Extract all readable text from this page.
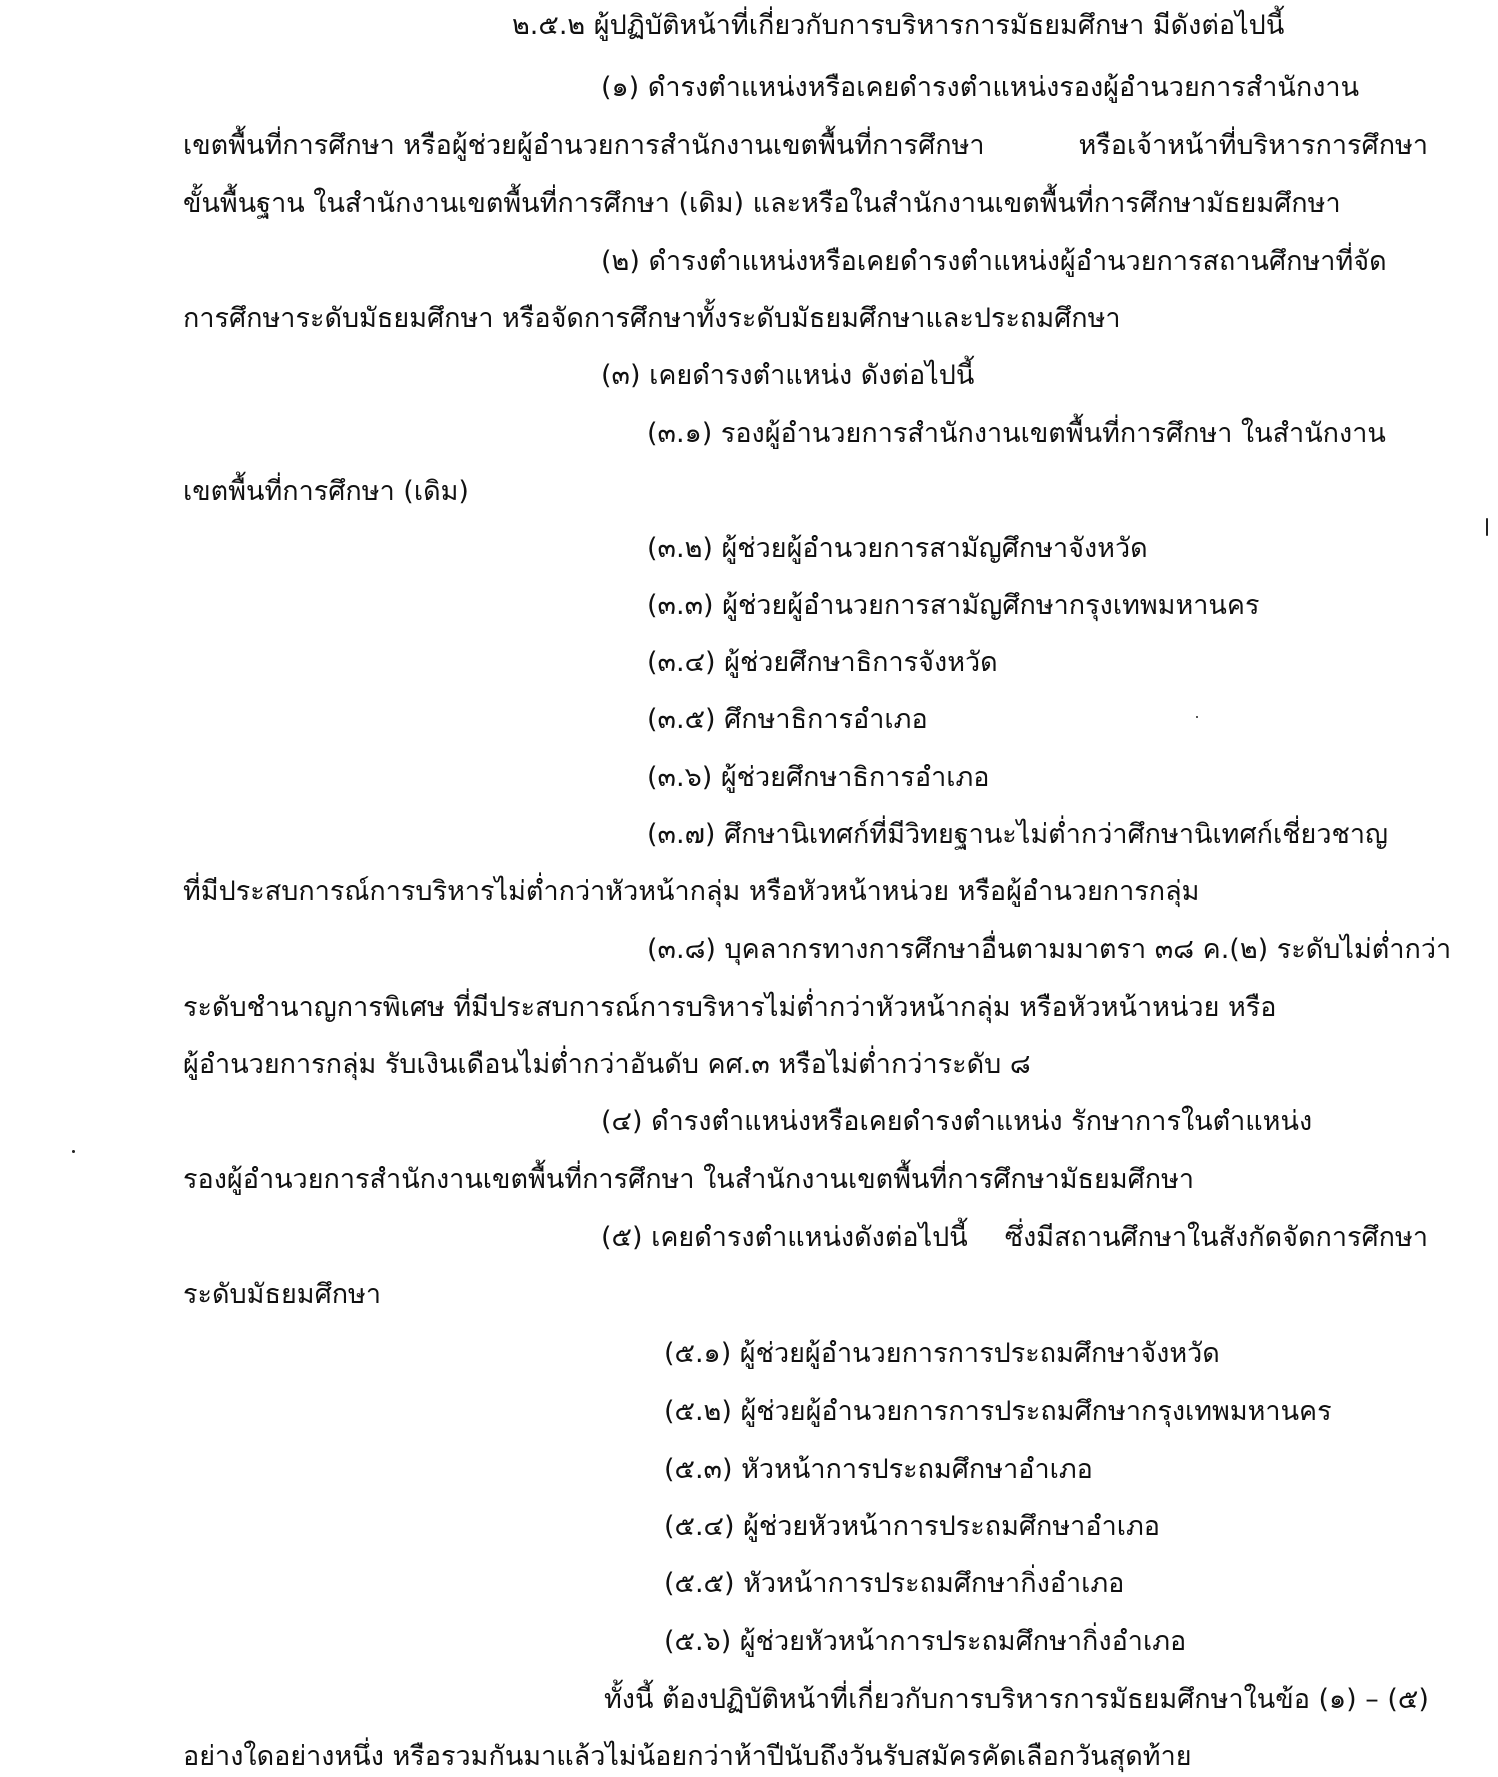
๒.๕.๒ ผู้ปฏิบัติหน้าที่เกี่ยวกับการบริหารการมัธยมศึกษา มีดังต่อไปนี้

(๑) ดำรงตำแหน่งหรือเคยดำรงตำแหน่งรองผู้อำนวยการสำนักงาน

เขตพื้นที่การศึกษา หรือผู้ช่วยผู้อำนวยการสำนักงานเขตพื้นที่การศึกษา	หรือเจ้าหน้าที่บริหารการศึกษา

ขั้นพื้นฐาน ในสำนักงานเขตพื้นที่การศึกษา (เดิม) และหรือในสำนักงานเขตพื้นที่การศึกษามัธยมศึกษา

(๒) ดำรงตำแหน่งหรือเคยดำรงตำแหน่งผู้อำนวยการสถานศึกษาที่จัด

การศึกษาระดับมัธยมศึกษา หรือจัดการศึกษาทั้งระดับมัธยมศึกษาและประถมศึกษา

(๓) เคยดำรงตำแหน่ง ดังต่อไปนี้

(๓.๑) รองผู้อำนวยการสำนักงานเขตพื้นที่การศึกษา ในสำนักงาน

เขตพื้นที่การศึกษา (เดิม)

(๓.๒) ผู้ช่วยผู้อำนวยการสามัญศึกษาจังหวัด

(๓.๓) ผู้ช่วยผู้อำนวยการสามัญศึกษากรุงเทพมหานคร

(๓.๔) ผู้ช่วยศึกษาธิการจังหวัด

(๓.๕) ศึกษาธิการอำเภอ

(๓.๖) ผู้ช่วยศึกษาธิการอำเภอ

(๓.๗) ศึกษานิเทศก์ที่มีวิทยฐานะไม่ต่ำกว่าศึกษานิเทศก์เชี่ยวชาญ

ที่มีประสบการณ์การบริหารไม่ต่ำกว่าหัวหน้ากลุ่ม หรือหัวหน้าหน่วย หรือผู้อำนวยการกลุ่ม

(๓.๘) บุคลากรทางการศึกษาอื่นตามมาตรา ๓๘ ค.(๒) ระดับไม่ต่ำกว่า

ระดับชำนาญการพิเศษ ที่มีประสบการณ์การบริหารไม่ต่ำกว่าหัวหน้ากลุ่ม หรือหัวหน้าหน่วย หรือ

ผู้อำนวยการกลุ่ม รับเงินเดือนไม่ต่ำกว่าอันดับ คศ.๓ หรือไม่ต่ำกว่าระดับ ๘

(๔) ดำรงตำแหน่งหรือเคยดำรงตำแหน่ง รักษาการในตำแหน่ง

รองผู้อำนวยการสำนักงานเขตพื้นที่การศึกษา ในสำนักงานเขตพื้นที่การศึกษามัธยมศึกษา

(๕) เคยดำรงตำแหน่งดังต่อไปนี้ ซึ่งมีสถานศึกษาในสังกัดจัดการศึกษา

ระดับมัธยมศึกษา

(๕.๑) ผู้ช่วยผู้อำนวยการการประถมศึกษาจังหวัด

(๕.๒) ผู้ช่วยผู้อำนวยการการประถมศึกษากรุงเทพมหานคร

(๕.๓) หัวหน้าการประถมศึกษาอำเภอ

(๕.๔) ผู้ช่วยหัวหน้าการประถมศึกษาอำเภอ

(๕.๕) หัวหน้าการประถมศึกษากิ่งอำเภอ

(๕.๖) ผู้ช่วยหัวหน้าการประถมศึกษากิ่งอำเภอ

ทั้งนี้ ต้องปฏิบัติหน้าที่เกี่ยวกับการบริหารการมัธยมศึกษาในข้อ (๑) – (๕)

อย่างใดอย่างหนึ่ง หรือรวมกันมาแล้วไม่น้อยกว่าห้าปีนับถึงวันรับสมัครคัดเลือกวันสุดท้าย
